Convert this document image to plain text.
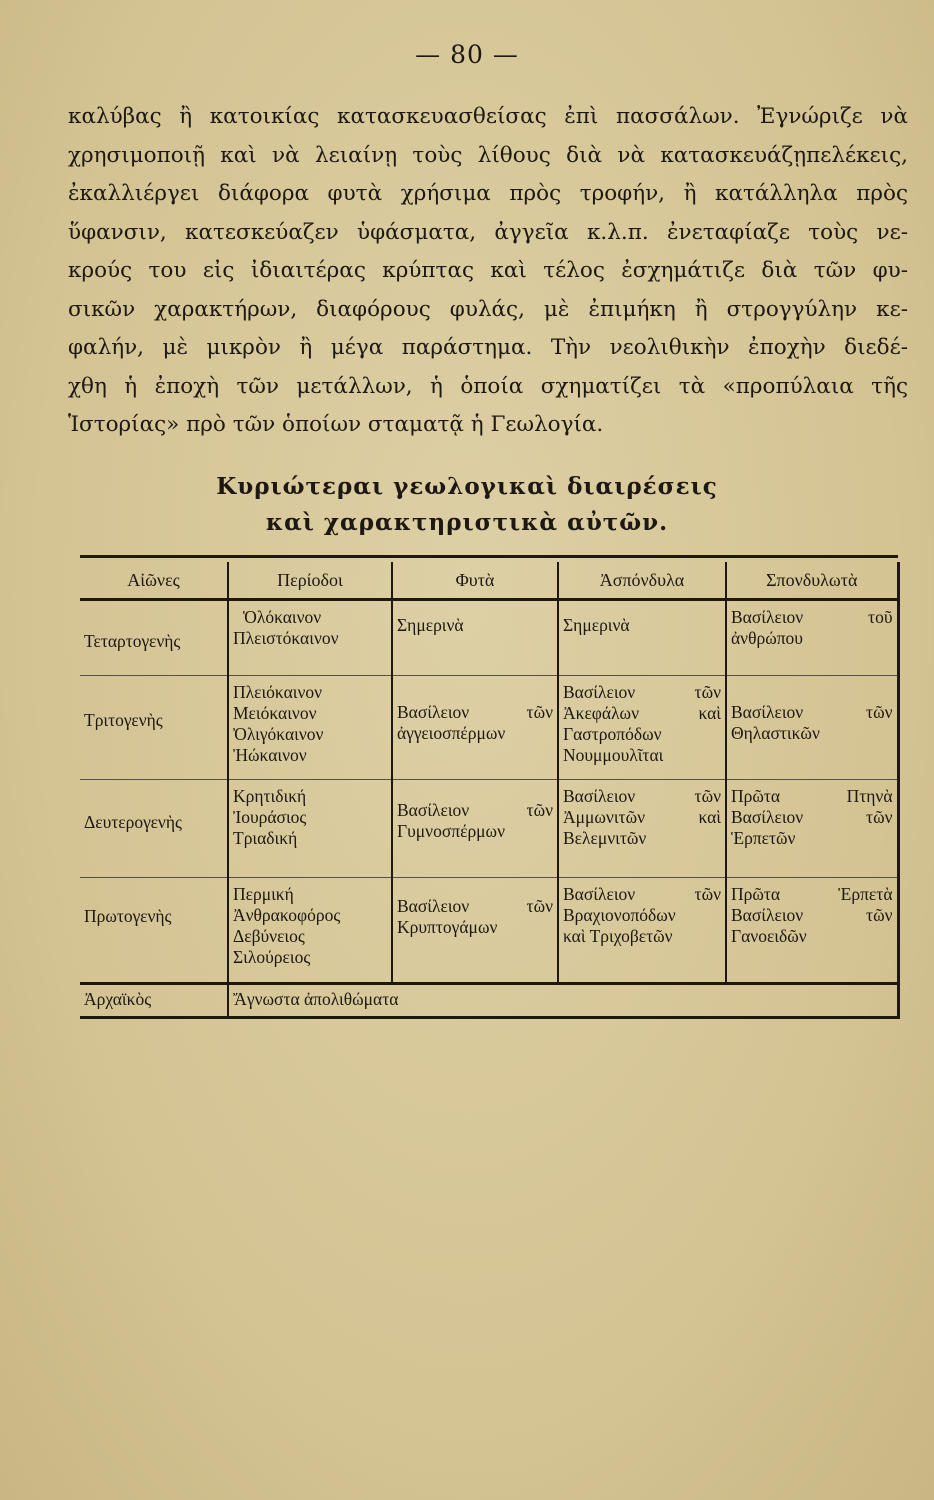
— 80 —
καλύβας ἢ κατοικίας κατασκευασθείσας ἐπὶ πασσάλων. Ἐγνώριζε νὰ
χρησιμοποιῇ καὶ νὰ λειαίνῃ τοὺς λίθους διὰ νὰ κατασκευάζῃπελέκεις,
ἐκαλλιέργει διάφορα φυτὰ χρήσιμα πρὸς τροφήν, ἢ κατάλληλα πρὸς
ὕφανσιν, κατεσκεύαζεν ὑφάσματα, ἀγγεῖα κ.λ.π. ἐνεταφίαζε τοὺς νε-
κρούς του εἰς ἰδιαιτέρας κρύπτας καὶ τέλος ἐσχημάτιζε διὰ τῶν φυ-
σικῶν χαρακτήρων, διαφόρους φυλάς, μὲ ἐπιμήκη ἢ στρογγύλην κε-
φαλήν, μὲ μικρὸν ἢ μέγα παράστημα. Τὴν νεολιθικὴν ἐποχὴν διεδέ-
χθη ἡ ἐποχὴ τῶν μετάλλων, ἡ ὁποία σχηματίζει τὰ «προπύλαια τῆς
Ἱστορίας» πρὸ τῶν ὁποίων σταματᾷ ἡ Γεωλογία.
Κυριώτεραι γεωλογικαὶ διαιρέσεις
καὶ χαρακτηριστικὰ αὐτῶν.
Αἰῶνες	Περίοδοι	Φυτὰ	Ἀσπόνδυλα	Σπονδυλωτὰ
Τεταρτογενὴς	Ὁλόκαινον
Πλειστόκαινον	Σημερινὰ	Σημερινὰ	Βασίλειον τοῦ
ἀνθρώπου

Τριτογενὴς	Πλειόκαινον
Μειόκαινον
Ὀλιγόκαινον
Ἠώκαινον	Βασίλειον τῶν
ἀγγειοσπέρμων	Βασίλειον τῶν
Ἀκεφάλων καὶ
Γαστροπόδων
Νουμμουλῖται	Βασίλειον τῶν
Θηλαστικῶν

Δευτερογενὴς	Κρητιδική
Ἰουράσιος
Τριαδική	Βασίλειον τῶν
Γυμνοσπέρμων	Βασίλειον τῶν
Ἀμμωνιτῶν καὶ
Βελεμνιτῶν	Πρῶτα Πτηνὰ
Βασίλειον τῶν
Ἑρπετῶν

Πρωτογενὴς	Περμική
Ἀνθρακοφόρος
Δεβύνειος
Σιλούρειος	Βασίλειον τῶν
Κρυπτογάμων	Βασίλειον τῶν
Βραχιονοπόδων
καὶ Τριχοβετῶν	Πρῶτα Ἑρπετὰ
Βασίλειον τῶν
Γανοειδῶν

Ἀρχαϊκὸς	Ἄγνωστα ἀπολιθώματα			
